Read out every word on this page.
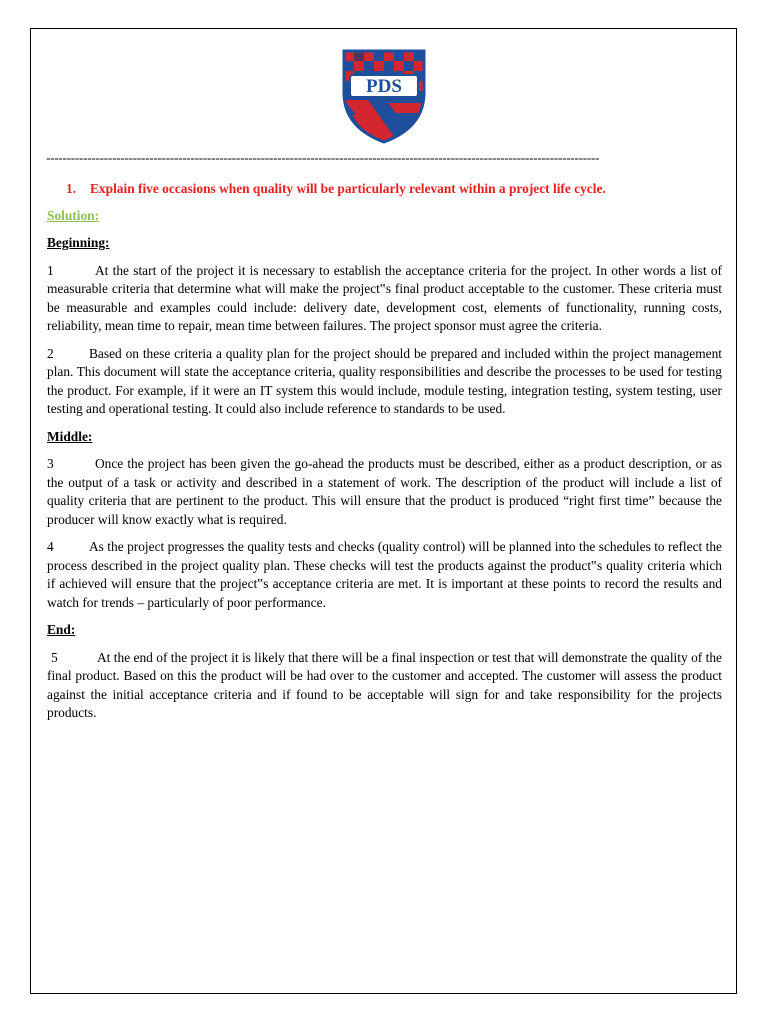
PDS
--------------------------------------------------------------------------------------------------------------------------------------

1. Explain five occasions when quality will be particularly relevant within a project life cycle.

Solution:

Beginning:

1	At the start of the project it is necessary to establish the acceptance criteria for the project. In other words a list of measurable criteria that determine what will make the project‟s final product acceptable to the customer. These criteria must be measurable and examples could include: delivery date, development cost, elements of functionality, running costs, reliability, mean time to repair, mean time between failures. The project sponsor must agree the criteria.

2	Based on these criteria a quality plan for the project should be prepared and included within the project management plan. This document will state the acceptance criteria, quality responsibilities and describe the processes to be used for testing the product. For example, if it were an IT system this would include, module testing, integration testing, system testing, user testing and operational testing. It could also include reference to standards to be used.

Middle:

3	Once the project has been given the go-ahead the products must be described, either as a product description, or as the output of a task or activity and described in a statement of work. The description of the product will include a list of quality criteria that are pertinent to the product. This will ensure that the product is produced “right first time” because the producer will know exactly what is required.

4	As the project progresses the quality tests and checks (quality control) will be planned into the schedules to reflect the process described in the project quality plan. These checks will test the products against the product‟s quality criteria which if achieved will ensure that the project‟s acceptance criteria are met. It is important at these points to record the results and watch for trends – particularly of poor performance.

End:

5	At the end of the project it is likely that there will be a final inspection or test that will demonstrate the quality of the final product. Based on this the product will be had over to the customer and accepted. The customer will assess the product against the initial acceptance criteria and if found to be acceptable will sign for and take responsibility for the projects products.
